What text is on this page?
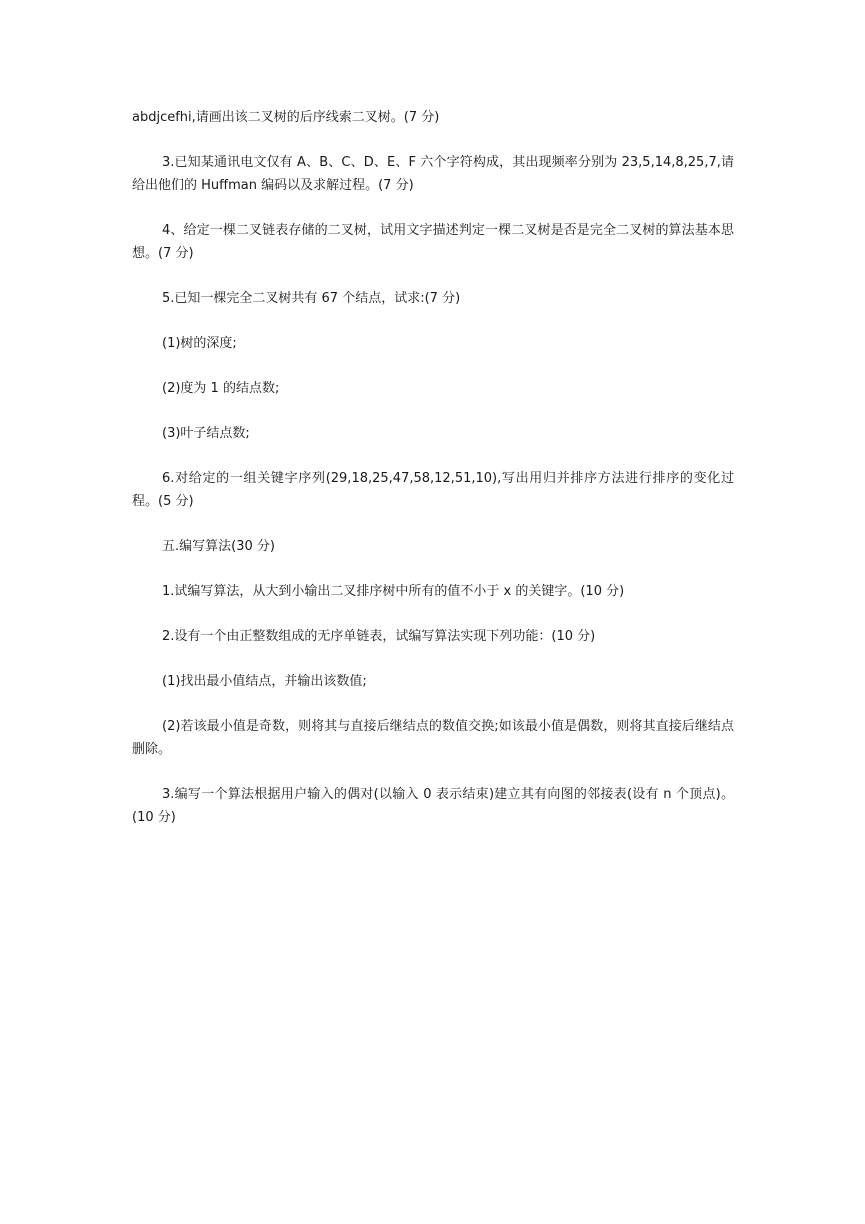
abdjcefhi,请画出该二叉树的后序线索二叉树。(7 分)

3.已知某通讯电文仅有 A、B、C、D、E、F 六个字符构成，其出现频率分别为 23,5,14,8,25,7,请给出他们的 Huffman 编码以及求解过程。(7 分)

4、给定一棵二叉链表存储的二叉树，试用文字描述判定一棵二叉树是否是完全二叉树的算法基本思想。(7 分)

5.已知一棵完全二叉树共有 67 个结点，试求:(7 分)

(1)树的深度;

(2)度为 1 的结点数;

(3)叶子结点数;

6.对给定的一组关键字序列(29,18,25,47,58,12,51,10),写出用归并排序方法进行排序的变化过程。(5 分)

五.编写算法(30 分)

1.试编写算法，从大到小输出二叉排序树中所有的值不小于 x 的关键字。(10 分)

2.设有一个由正整数组成的无序单链表，试编写算法实现下列功能：(10 分)

(1)找出最小值结点，并输出该数值;

(2)若该最小值是奇数，则将其与直接后继结点的数值交换;如该最小值是偶数，则将其直接后继结点删除。

3.编写一个算法根据用户输入的偶对(以输入 0 表示结束)建立其有向图的邻接表(设有 n 个顶点)。(10 分)
